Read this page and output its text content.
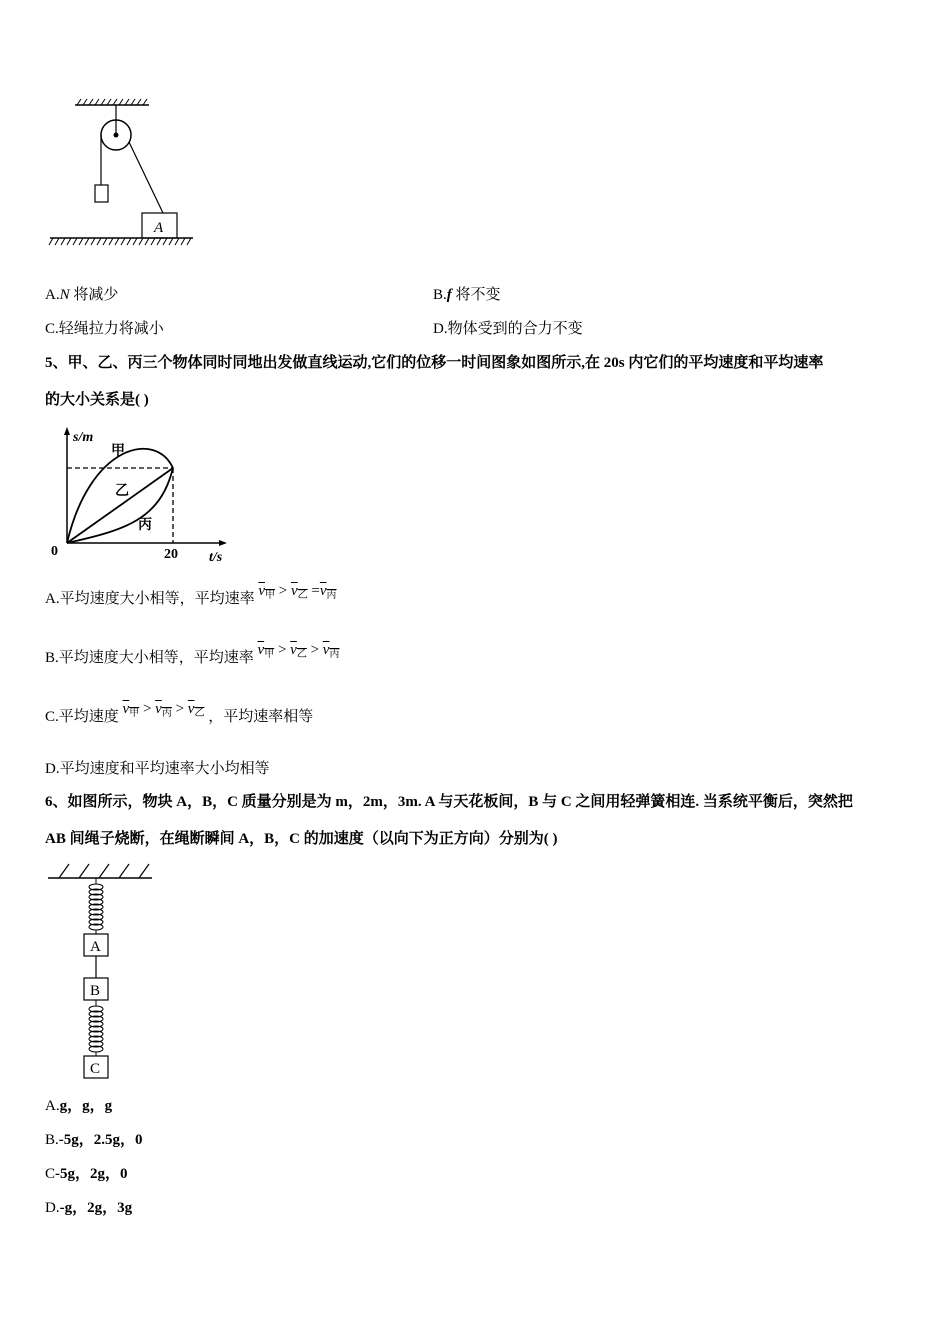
A
A.N 将减少	B.f 将不变
C.轻绳拉力将减小	D.物体受到的合力不变
5、甲、乙、丙三个物体同时同地出发做直线运动,它们的位移一时间图象如图所示,在 20s 内它们的平均速度和平均速率
的大小关系是( )
s/m
t/s
0	20
甲
乙
丙
A.平均速度大小相等，平均速率 $v_甲 > v_乙 =v_丙$
B.平均速度大小相等，平均速率 $v_甲 > v_乙 > v_丙$
C.平均速度 $v_甲 > v_丙 > v_乙$ ，平均速率相等
D.平均速度和平均速率大小均相等
6、如图所示，物块 A，B，C 质量分别是为 m，2m，3m. A 与天花板间，B 与 C 之间用轻弹簧相连. 当系统平衡后，突然把
AB 间绳子烧断，在绳断瞬间 A，B，C 的加速度（以向下为正方向）分别为( )
A
B
C
A.g，g，g
B.-5g，2.5g，0
C-5g，2g，0
D.-g，2g，3g
